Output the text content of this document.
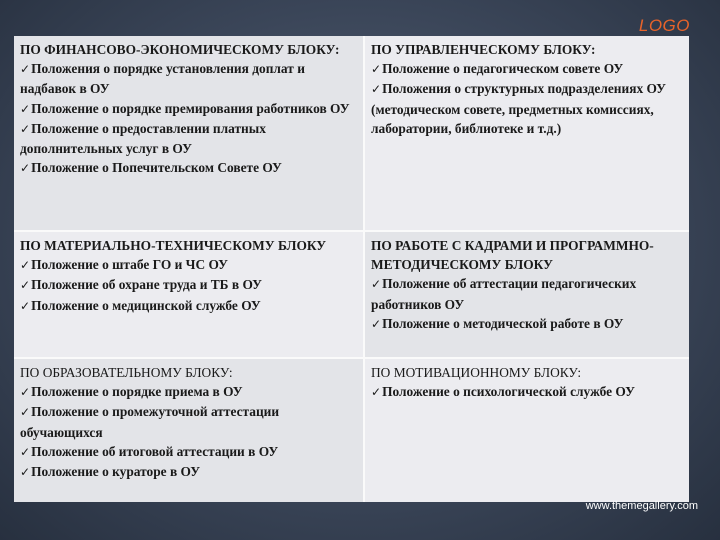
LOGO
ПО ФИНАНСОВО-ЭКОНОМИЧЕСКОМУ БЛОКУ:
✓Положения о порядке установления доплат и надбавок в ОУ
✓Положение о порядке премирования работников ОУ
✓Положение о предоставлении платных дополнительных услуг в ОУ
✓Положение о Попечительском Совете ОУ
ПО УПРАВЛЕНЧЕСКОМУ БЛОКУ:
✓Положение о педагогическом совете ОУ
✓Положения о структурных подразделениях ОУ (методическом совете, предметных комиссиях, лаборатории, библиотеке и т.д.)
ПО МАТЕРИАЛЬНО-ТЕХНИЧЕСКОМУ БЛОКУ
✓Положение о штабе ГО и ЧС ОУ
✓Положение об охране труда и ТБ в ОУ
✓Положение о медицинской службе ОУ
ПО РАБОТЕ С КАДРАМИ И ПРОГРАММНО-МЕТОДИЧЕСКОМУ БЛОКУ
✓Положение об аттестации педагогических работников ОУ
✓Положение о методической работе в ОУ
ПО ОБРАЗОВАТЕЛЬНОМУ БЛОКУ:
✓Положение о порядке приема в ОУ
✓Положение о промежуточной аттестации обучающихся
✓Положение об итоговой аттестации в ОУ
✓Положение о кураторе в ОУ
ПО МОТИВАЦИОННОМУ БЛОКУ:
✓Положение о психологической службе ОУ
www.themegallery.com
